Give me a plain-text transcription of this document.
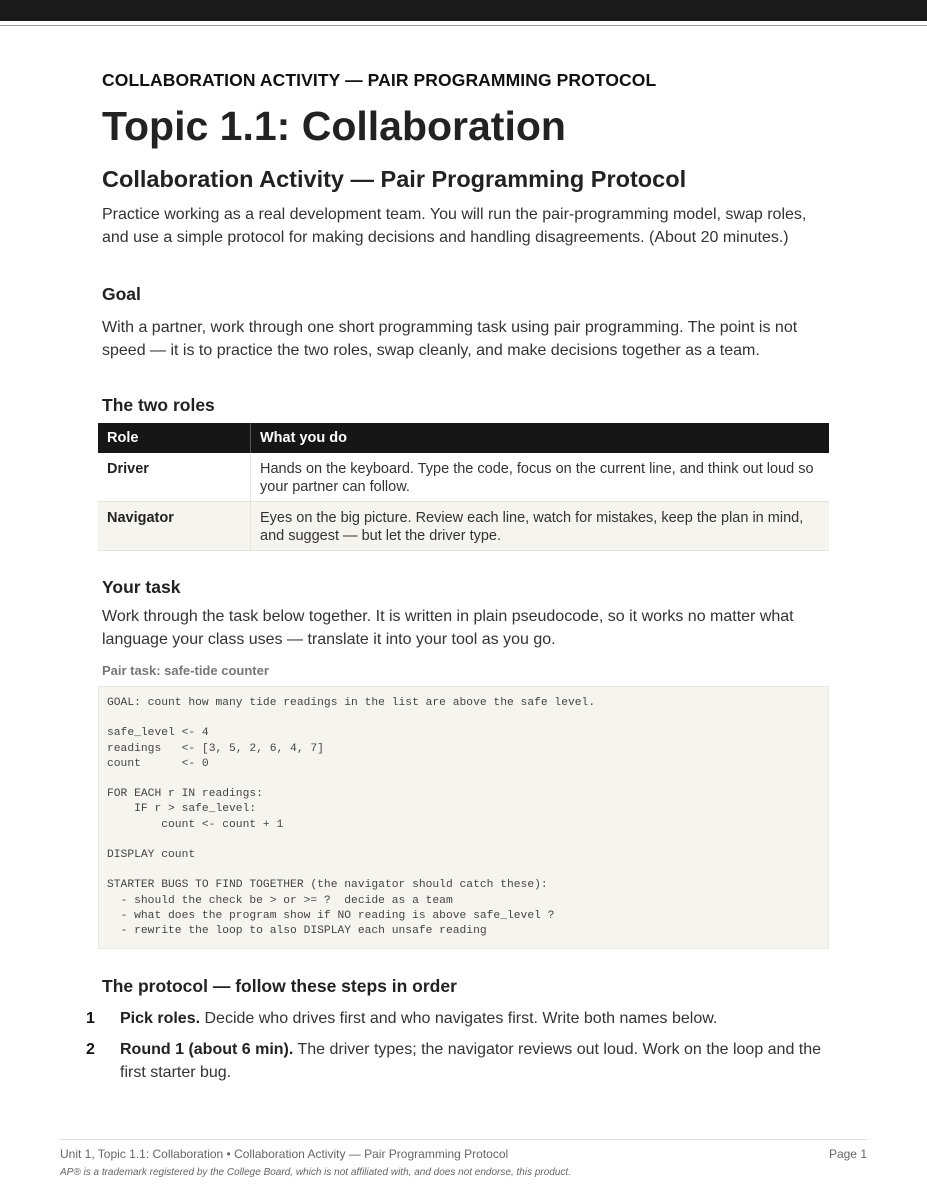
COLLABORATION ACTIVITY — PAIR PROGRAMMING PROTOCOL

Topic 1.1: Collaboration
Collaboration Activity — Pair Programming Protocol

Practice working as a real development team. You will run the pair-programming model, swap roles, and use a simple protocol for making decisions and handling disagreements. (About 20 minutes.)

Goal

With a partner, work through one short programming task using pair programming. The point is not speed — it is to practice the two roles, swap cleanly, and make decisions together as a team.

The two roles
Role	What you do
Driver	Hands on the keyboard. Type the code, focus on the current line, and think out loud so your partner can follow.
Navigator	Eyes on the big picture. Review each line, watch for mistakes, keep the plan in mind, and suggest — but let the driver type.
Your task

Work through the task below together. It is written in plain pseudocode, so it works no matter what language your class uses — translate it into your tool as you go.

Pair task: safe-tide counter
GOAL: count how many tide readings in the list are above the safe level.

safe_level <- 4
readings   <- [3, 5, 2, 6, 4, 7]
count      <- 0

FOR EACH r IN readings:
IF r > safe_level:
count <- count + 1

DISPLAY count

STARTER BUGS TO FIND TOGETHER (the navigator should catch these):
- should the check be > or >= ?  decide as a team
- what does the program show if NO reading is above safe_level ?
- rewrite the loop to also DISPLAY each unsafe reading
The protocol — follow these steps in order
1 Pick roles. Decide who drives first and who navigates first. Write both names below.
2 Round 1 (about 6 min). The driver types; the navigator reviews out loud. Work on the loop and the first starter bug.
Unit 1, Topic 1.1: Collaboration • Collaboration Activity — Pair Programming Protocol	Page 1
AP® is a trademark registered by the College Board, which is not affiliated with, and does not endorse, this product.
